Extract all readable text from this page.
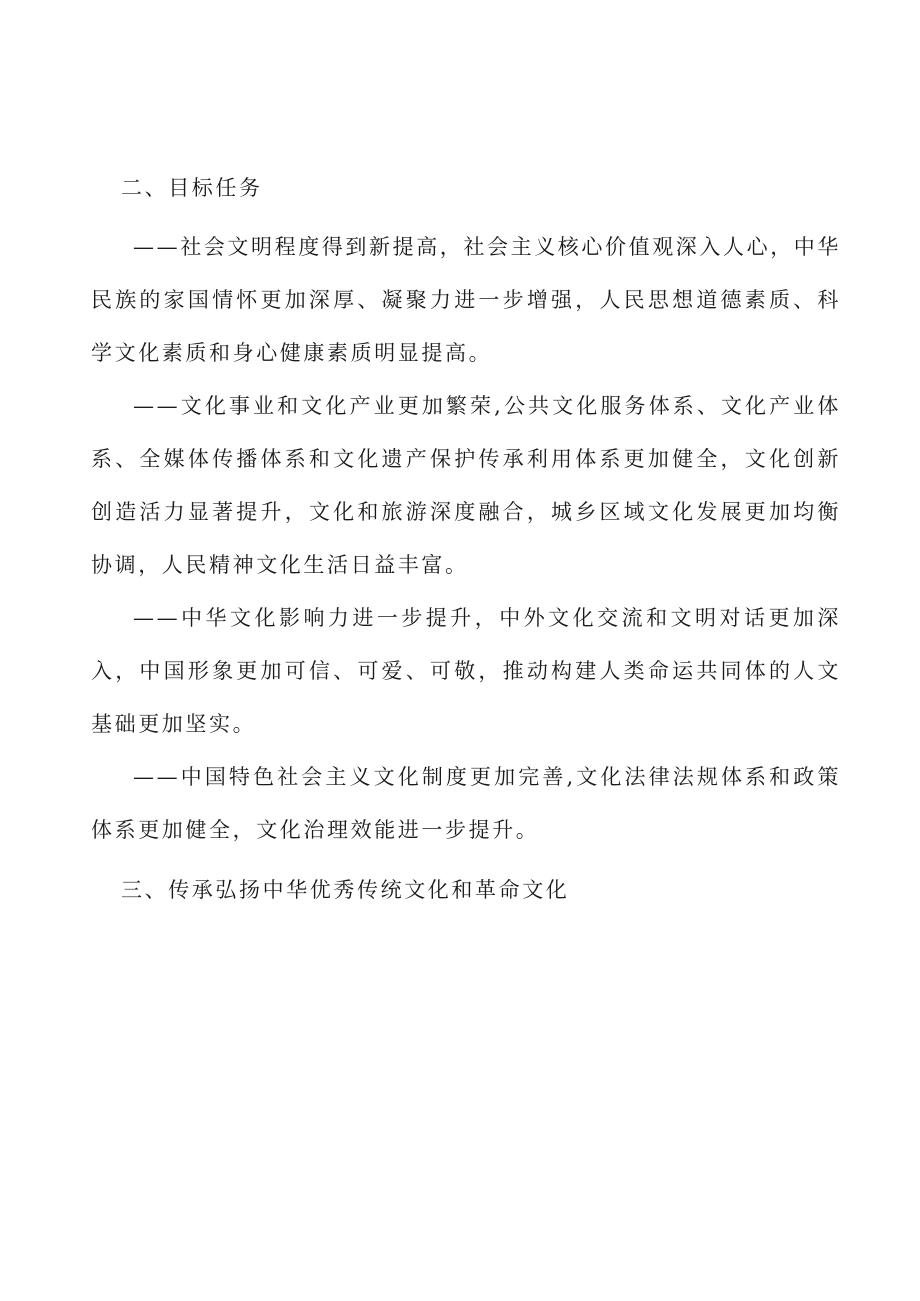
二、目标任务

——社会文明程度得到新提高，社会主义核心价值观深入人心，中华民族的家国情怀更加深厚、凝聚力进一步增强，人民思想道德素质、科学文化素质和身心健康素质明显提高。

——文化事业和文化产业更加繁荣,公共文化服务体系、文化产业体系、全媒体传播体系和文化遗产保护传承利用体系更加健全，文化创新创造活力显著提升，文化和旅游深度融合，城乡区域文化发展更加均衡协调，人民精神文化生活日益丰富。

——中华文化影响力进一步提升，中外文化交流和文明对话更加深入，中国形象更加可信、可爱、可敬，推动构建人类命运共同体的人文基础更加坚实。

——中国特色社会主义文化制度更加完善,文化法律法规体系和政策体系更加健全，文化治理效能进一步提升。

三、传承弘扬中华优秀传统文化和革命文化
